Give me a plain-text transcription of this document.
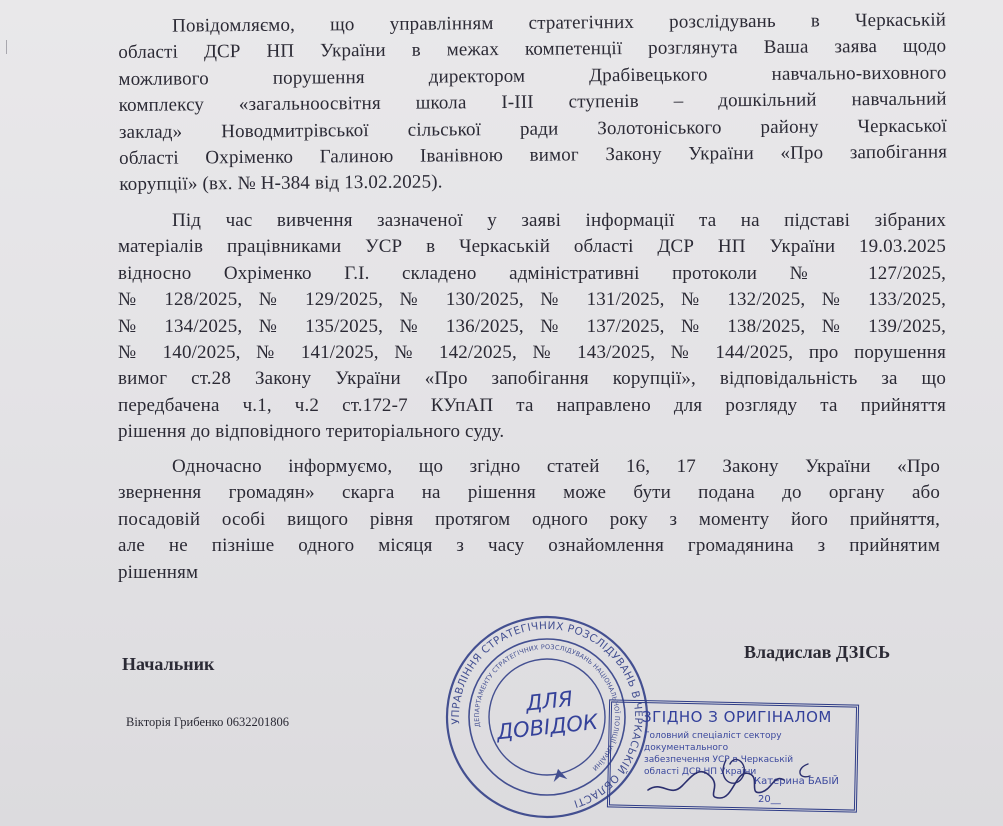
Повідомляємо, що управлінням стратегічних розслідувань в Черкаській
області ДСР НП України в межах компетенції розглянута Ваша заява щодо
можливого порушення директором Драбівецького навчально-виховного
комплексу «загальноосвітня школа І-ІІІ ступенів – дошкільний навчальний
заклад» Новодмитрівської сільської ради Золотоніського району Черкаської
області Охріменко Галиною Іванівною вимог Закону України «Про запобігання
корупції» (вх. № Н-384 від 13.02.2025).
Під час вивчення зазначеної у заяві інформації та на підставі зібраних
матеріалів працівниками УСР в Черкаській області ДСР НП України 19.03.2025
відносно Охріменко Г.І. складено адміністративні протоколи № 127/2025,
№ 128/2025, № 129/2025, № 130/2025, № 131/2025, № 132/2025, № 133/2025,
№ 134/2025, № 135/2025, № 136/2025, № 137/2025, № 138/2025, № 139/2025,
№ 140/2025, № 141/2025, № 142/2025, № 143/2025, № 144/2025, про порушення
вимог ст.28 Закону України «Про запобігання корупції», відповідальність за що
передбачена ч.1, ч.2 ст.172-7 КУпАП та направлено для розгляду та прийняття
рішення до відповідного територіального суду.
Одночасно інформуємо, що згідно статей 16, 17 Закону України «Про
звернення громадян» скарга на рішення може бути подана до органу або
посадовій особі вищого рівня протягом одного року з моменту його прийняття,
але не пізніше одного місяця з часу ознайомлення громадянина з прийнятим
рішенням
Начальник
Владислав ДЗІСЬ
Вікторія Грибенко 0632201806	УПРАВЛІННЯ СТРАТЕГІЧНИХ РОЗСЛІДУВАНЬ В ЧЕРКАСЬКІЙ ОБЛАСТІ
ДЕПАРТАМЕНТУ СТРАТЕГІЧНИХ РОЗСЛІДУВАНЬ НАЦІОНАЛЬНОЇ ПОЛІЦІЇ УКРАЇНИ
ДЛЯ
ДОВІДОК	ЗГІДНО З ОРИГІНАЛОМ
Головний спеціаліст сектору документального
забезпечення УСР в Черкаській
області ДСР НП України
Катерина БАБІЙ
20__
